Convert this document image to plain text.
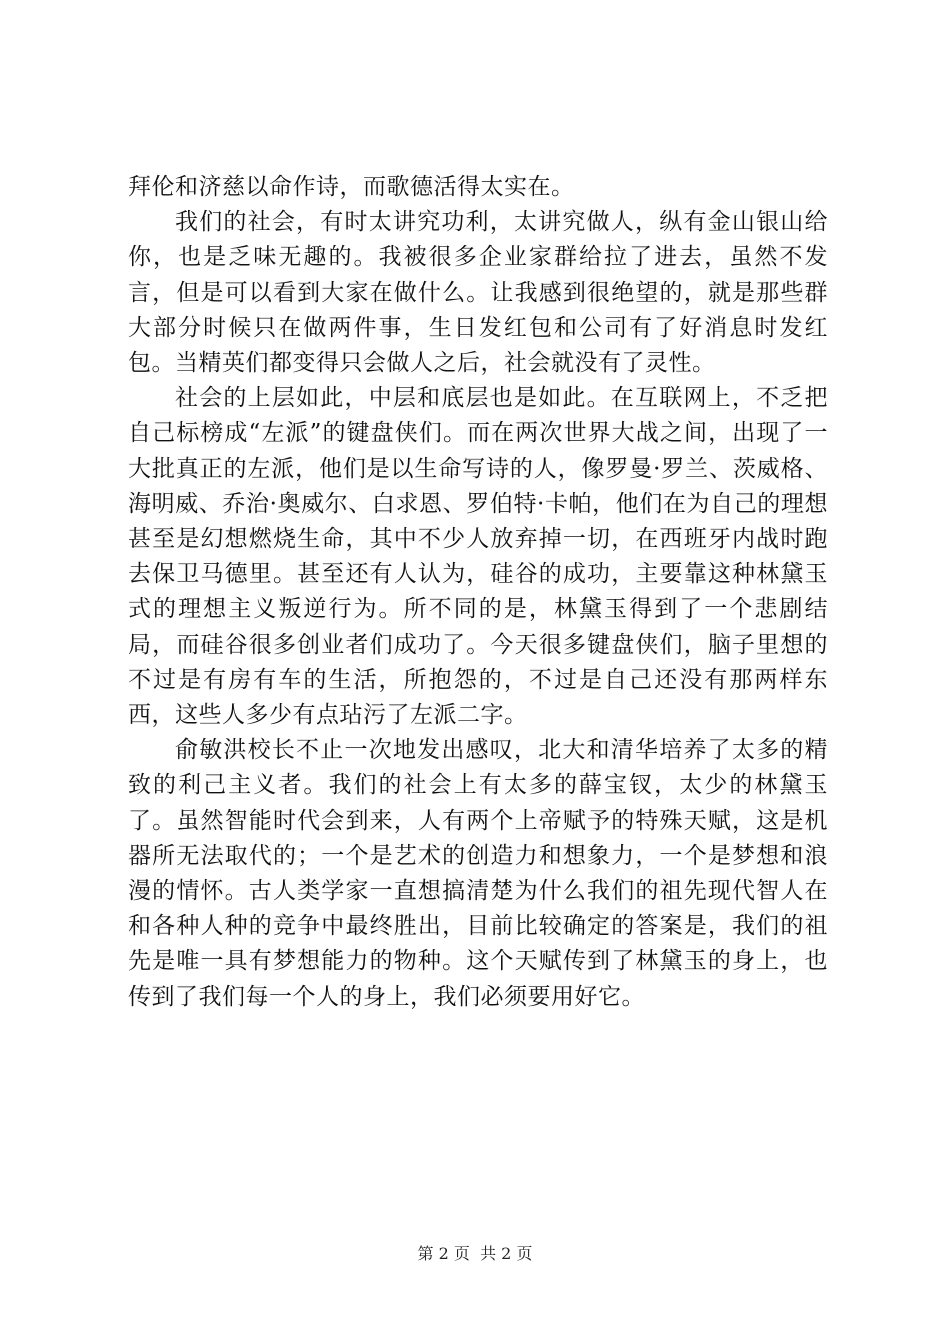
拜伦和济慈以命作诗，而歌德活得太实在。

我们的社会，有时太讲究功利，太讲究做人，纵有金山银山给你，也是乏味无趣的。我被很多企业家群给拉了进去，虽然不发言，但是可以看到大家在做什么。让我感到很绝望的，就是那些群大部分时候只在做两件事，生日发红包和公司有了好消息时发红包。当精英们都变得只会做人之后，社会就没有了灵性。

社会的上层如此，中层和底层也是如此。在互联网上，不乏把自己标榜成“左派”的键盘侠们。而在两次世界大战之间，出现了一大批真正的左派，他们是以生命写诗的人，像罗曼·罗兰、茨威格、海明威、乔治·奥威尔、白求恩、罗伯特·卡帕，他们在为自己的理想甚至是幻想燃烧生命，其中不少人放弃掉一切，在西班牙内战时跑去保卫马德里。甚至还有人认为，硅谷的成功，主要靠这种林黛玉式的理想主义叛逆行为。所不同的是，林黛玉得到了一个悲剧结局，而硅谷很多创业者们成功了。今天很多键盘侠们，脑子里想的不过是有房有车的生活，所抱怨的，不过是自己还没有那两样东西，这些人多少有点玷污了左派二字。

俞敏洪校长不止一次地发出感叹，北大和清华培养了太多的精致的利己主义者。我们的社会上有太多的薛宝钗，太少的林黛玉了。虽然智能时代会到来，人有两个上帝赋予的特殊天赋，这是机器所无法取代的；一个是艺术的创造力和想象力，一个是梦想和浪漫的情怀。古人类学家一直想搞清楚为什么我们的祖先现代智人在和各种人种的竞争中最终胜出，目前比较确定的答案是，我们的祖先是唯一具有梦想能力的物种。这个天赋传到了林黛玉的身上，也传到了我们每一个人的身上，我们必须要用好它。

第 2 页  共 2 页
